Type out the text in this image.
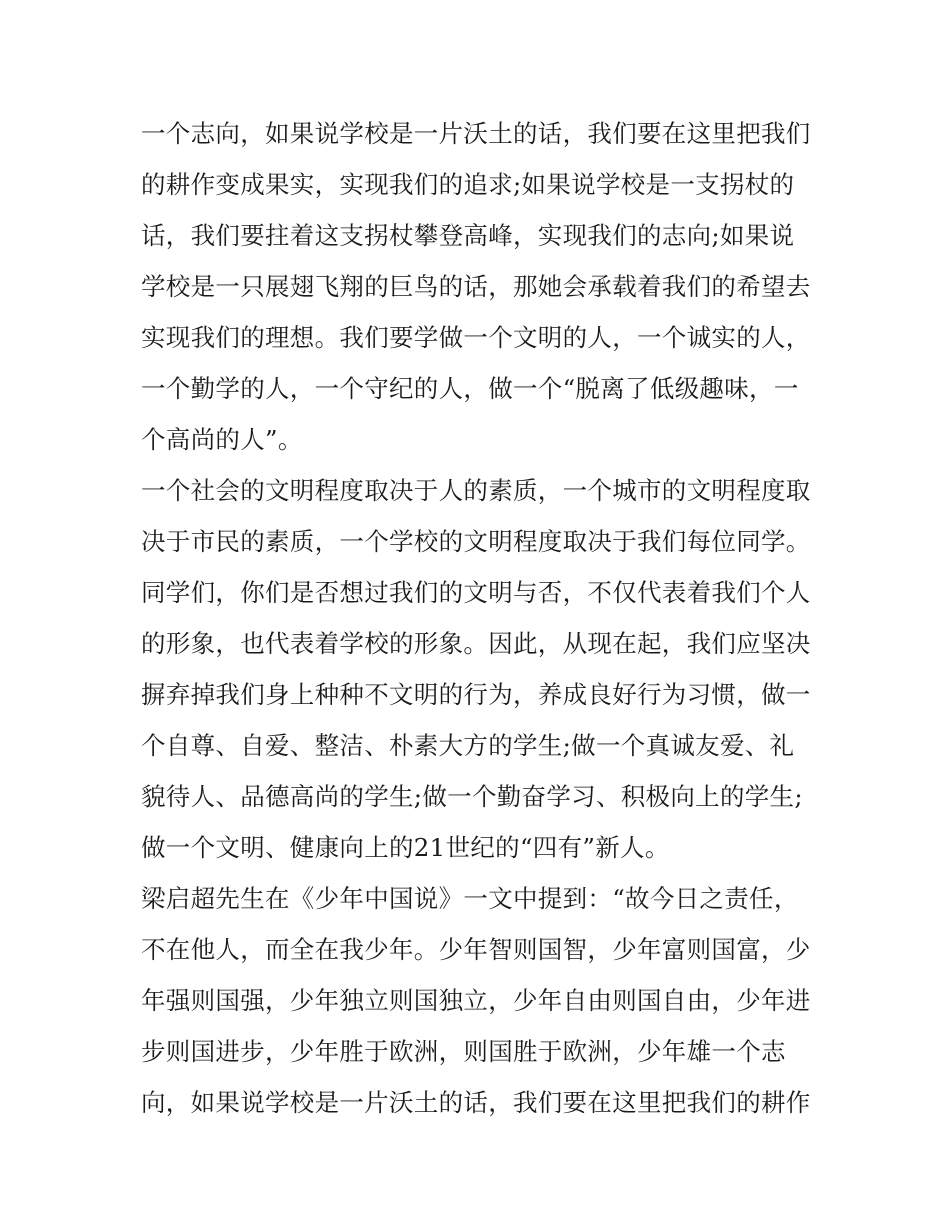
一个志向，如果说学校是一片沃土的话，我们要在这里把我们
的耕作变成果实，实现我们的追求;如果说学校是一支拐杖的
话，我们要拄着这支拐杖攀登高峰，实现我们的志向;如果说
学校是一只展翅飞翔的巨鸟的话，那她会承载着我们的希望去
实现我们的理想。我们要学做一个文明的人，一个诚实的人，
一个勤学的人，一个守纪的人，做一个“脱离了低级趣味，一
个高尚的人”。
一个社会的文明程度取决于人的素质，一个城市的文明程度取
决于市民的素质，一个学校的文明程度取决于我们每位同学。
同学们，你们是否想过我们的文明与否，不仅代表着我们个人
的形象，也代表着学校的形象。因此，从现在起，我们应坚决
摒弃掉我们身上种种不文明的行为，养成良好行为习惯，做一
个自尊、自爱、整洁、朴素大方的学生;做一个真诚友爱、礼
貌待人、品德高尚的学生;做一个勤奋学习、积极向上的学生;
做一个文明、健康向上的21世纪的“四有”新人。
梁启超先生在《少年中国说》一文中提到：“故今日之责任，
不在他人，而全在我少年。少年智则国智，少年富则国富，少
年强则国强，少年独立则国独立，少年自由则国自由，少年进
步则国进步，少年胜于欧洲，则国胜于欧洲，少年雄一个志
向，如果说学校是一片沃土的话，我们要在这里把我们的耕作
